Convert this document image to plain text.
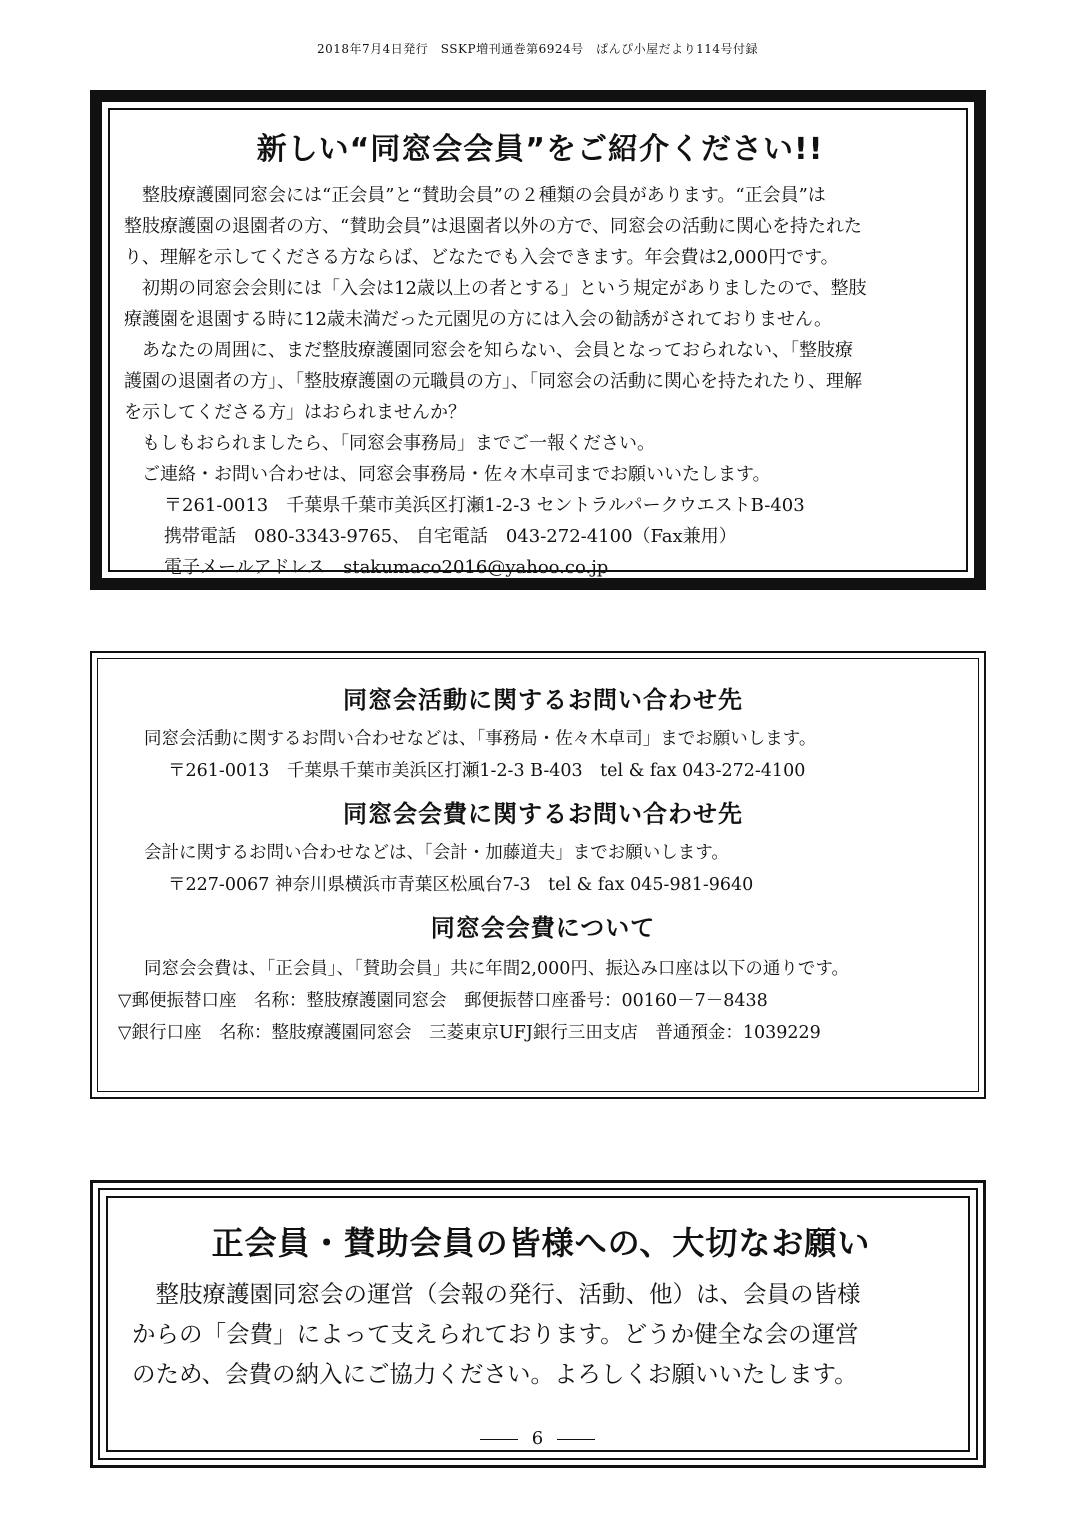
2018年7月4日発行　SSKP増刊通巻第6924号　ぱんぴ小屋だより114号付録
新しい“同窓会会員”をご紹介ください!!

整肢療護園同窓会には“正会員”と“賛助会員”の２種類の会員があります。“正会員”は

整肢療護園の退園者の方、“賛助会員”は退園者以外の方で、同窓会の活動に関心を持たれた

り、理解を示してくださる方ならば、どなたでも入会できます。年会費は2,000円です。

初期の同窓会会則には「入会は12歳以上の者とする」という規定がありましたので、整肢

療護園を退園する時に12歳未満だった元園児の方には入会の勧誘がされておりません。

あなたの周囲に、まだ整肢療護園同窓会を知らない、会員となっておられない、「整肢療

護園の退園者の方」、「整肢療護園の元職員の方」、「同窓会の活動に関心を持たれたり、理解

を示してくださる方」はおられませんか？

もしもおられましたら、「同窓会事務局」までご一報ください。

ご連絡・お問い合わせは、同窓会事務局・佐々木卓司までお願いいたします。

〒261-0013　千葉県千葉市美浜区打瀬1-2-3 セントラルパークウエストB-403

携帯電話　080-3343-9765、 自宅電話　043-272-4100（Fax兼用）

電子メールアドレス　stakumaco2016@yahoo.co.jp

同窓会活動に関するお問い合わせ先

同窓会活動に関するお問い合わせなどは、「事務局・佐々木卓司」までお願いします。

〒261-0013　千葉県千葉市美浜区打瀬1-2-3 B-403　tel & fax 043-272-4100

同窓会会費に関するお問い合わせ先

会計に関するお問い合わせなどは、「会計・加藤道夫」までお願いします。

〒227-0067 神奈川県横浜市青葉区松風台7-3　tel & fax 045-981-9640

同窓会会費について

同窓会会費は、「正会員」、「賛助会員」共に年間2,000円、振込み口座は以下の通りです。

▽郵便振替口座　名称：整肢療護園同窓会　郵便振替口座番号：00160－7－8438

▽銀行口座　名称：整肢療護園同窓会　三菱東京UFJ銀行三田支店　普通預金：1039229

正会員・賛助会員の皆様への、大切なお願い

整肢療護園同窓会の運営（会報の発行、活動、他）は、会員の皆様

からの「会費」によって支えられております。どうか健全な会の運営

のため、会費の納入にご協力ください。よろしくお願いいたします。

6
